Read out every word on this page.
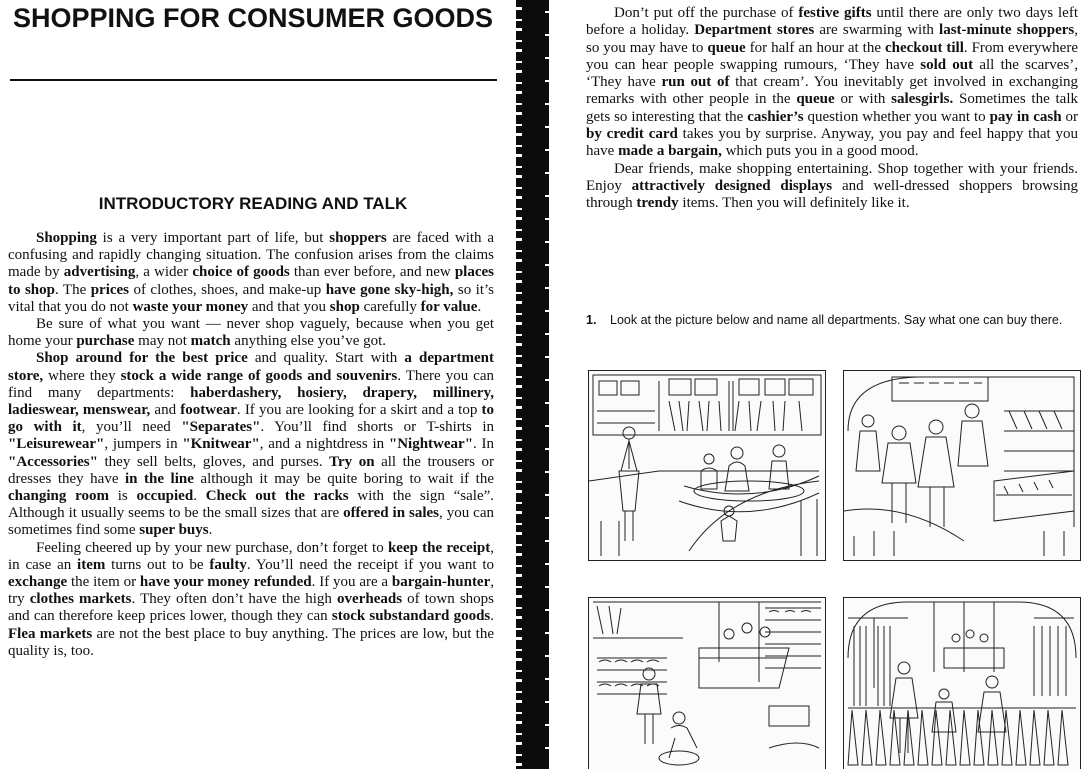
SHOPPING FOR CONSUMER GOODS
INTRODUCTORY READING AND TALK

Shopping is a very important part of life, but shoppers are faced with a confusing and rapidly changing situation. The confusion arises from the claims made by advertising, a wider choice of goods than ever before, and new places to shop. The prices of clothes, shoes, and make-up have gone sky-high, so it’s vital that you do not waste your money and that you shop carefully for value.

Be sure of what you want — never shop vaguely, because when you get home your purchase may not match anything else you’ve got.

Shop around for the best price and quality. Start with a department store, where they stock a wide range of goods and souvenirs. There you can find many departments: haberdashery, hosiery, drapery, millinery, ladieswear, menswear, and footwear. If you are looking for a skirt and a top to go with it, you’ll need "Separates". You’ll find shorts or T-shirts in "Leisurewear", jumpers in "Knitwear", and a nightdress in "Nightwear". In "Accessories" they sell belts, gloves, and purses. Try on all the trousers or dresses they have in the line although it may be quite boring to wait if the changing room is occupied. Check out the racks with the sign “sale”. Although it usually seems to be the small sizes that are offered in sales, you can sometimes find some super buys.

Feeling cheered up by your new purchase, don’t forget to keep the receipt, in case an item turns out to be faulty. You’ll need the receipt if you want to exchange the item or have your money refunded. If you are a bargain-hunter, try clothes markets. They often don’t have the high overheads of town shops and can therefore keep prices lower, though they can stock substandard goods. Flea markets are not the best place to buy anything. The prices are low, but the quality is, too.

Don’t put off the purchase of festive gifts until there are only two days left before a holiday. Department stores are swarming with last-minute shoppers, so you may have to queue for half an hour at the checkout till. From everywhere you can hear people swapping rumours, ‘They have sold out all the scarves’, ‘They have run out of that cream’. You inevitably get involved in exchanging remarks with other people in the queue or with salesgirls. Sometimes the talk gets so interesting that the cashier’s question whether you want to pay in cash or by credit card takes you by surprise. Anyway, you pay and feel happy that you have made a bargain, which puts you in a good mood.

Dear friends, make shopping entertaining. Shop together with your friends. Enjoy attractively designed displays and well-dressed shoppers browsing through trendy items. Then you will definitely like it.

1. Look at the picture below and name all departments. Say what one can buy there.
